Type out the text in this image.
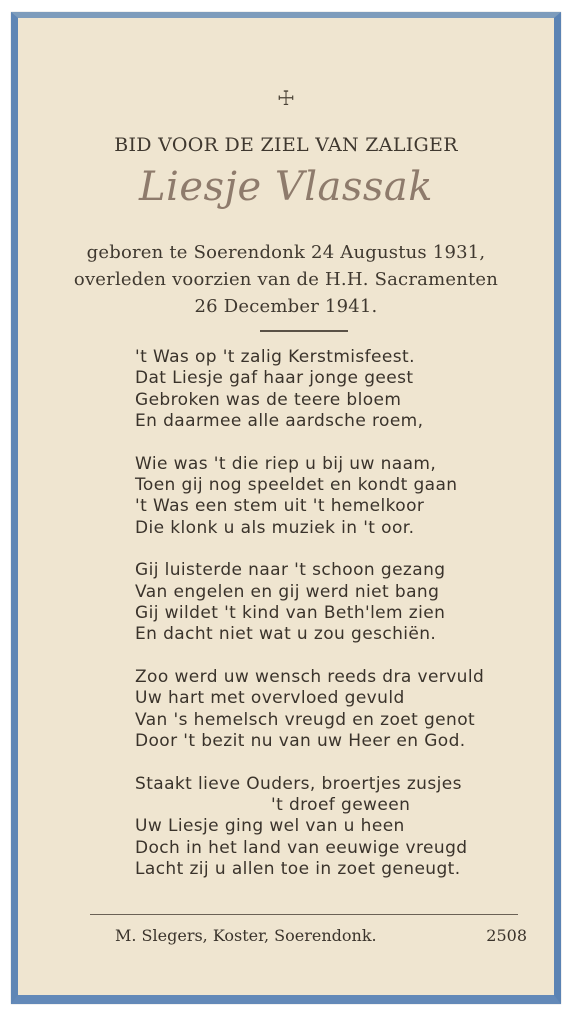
☩
BID VOOR DE ZIEL VAN ZALIGER
Liesje Vlassak
geboren te Soerendonk 24 Augustus 1931,
overleden voorzien van de H.H. Sacramenten
26 December 1941.
't Was op 't zalig Kerstmisfeest.
Dat Liesje gaf haar jonge geest
Gebroken was de teere bloem
En daarmee alle aardsche roem,
Wie was 't die riep u bij uw naam,
Toen gij nog speeldet en kondt gaan
't Was een stem uit 't hemelkoor
Die klonk u als muziek in 't oor.
Gij luisterde naar 't schoon gezang
Van engelen en gij werd niet bang
Gij wildet 't kind van Beth'lem zien
En dacht niet wat u zou geschiën.
Zoo werd uw wensch reeds dra vervuld
Uw hart met overvloed gevuld
Van 's hemelsch vreugd en zoet genot
Door 't bezit nu van uw Heer en God.
Staakt lieve Ouders, broertjes zusjes
't droef geween
Uw Liesje ging wel van u heen
Doch in het land van eeuwige vreugd
Lacht zij u allen toe in zoet geneugt.
M. Slegers, Koster, Soerendonk.	2508
